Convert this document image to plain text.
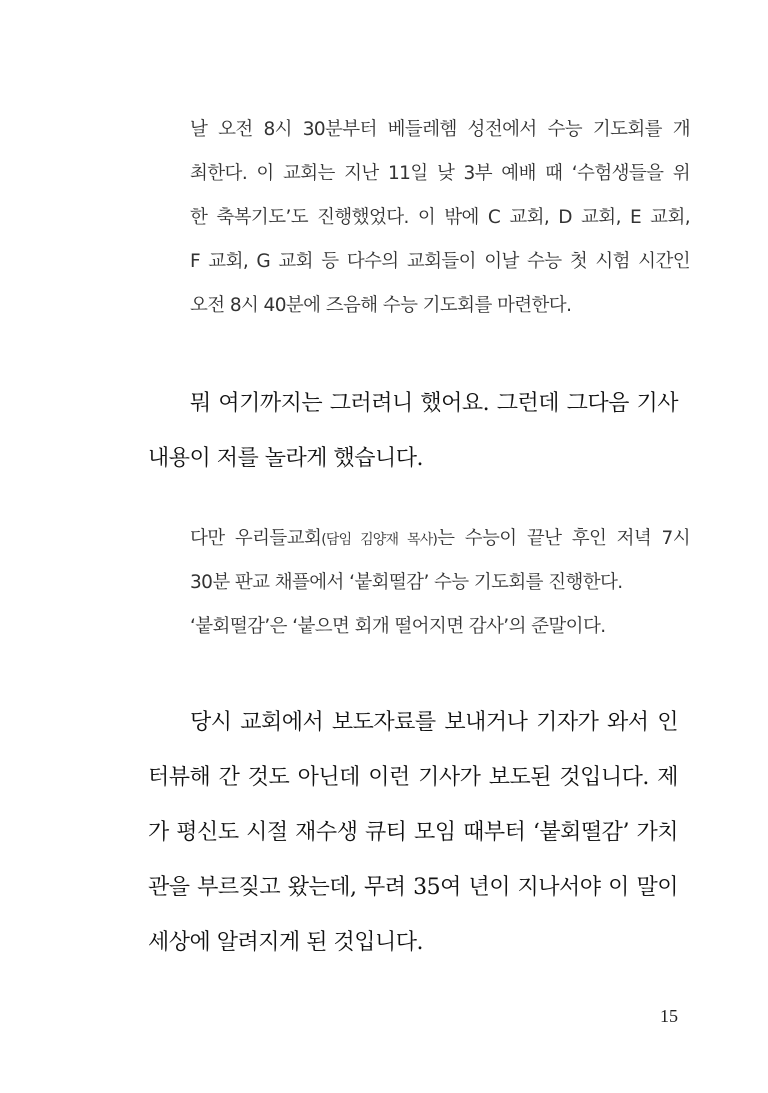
날 오전 8시 30분부터 베들레헴 성전에서 수능 기도회를 개
최한다. 이 교회는 지난 11일 낮 3부 예배 때 ‘수험생들을 위
한 축복기도’도 진행했었다. 이 밖에 C 교회, D 교회, E 교회,
F 교회, G 교회 등 다수의 교회들이 이날 수능 첫 시험 시간인
오전 8시 40분에 즈음해 수능 기도회를 마련한다.
뭐 여기까지는 그러려니 했어요. 그런데 그다음 기사
내용이 저를 놀라게 했습니다.
다만 우리들교회(담임 김양재 목사)는 수능이 끝난 후인 저녁 7시
30분 판교 채플에서 ‘붙회떨감’ 수능 기도회를 진행한다.
‘붙회떨감’은 ‘붙으면 회개 떨어지면 감사’의 준말이다.
당시 교회에서 보도자료를 보내거나 기자가 와서 인
터뷰해 간 것도 아닌데 이런 기사가 보도된 것입니다. 제
가 평신도 시절 재수생 큐티 모임 때부터 ‘붙회떨감’ 가치
관을 부르짖고 왔는데, 무려 35여 년이 지나서야 이 말이
세상에 알려지게 된 것입니다.
15
